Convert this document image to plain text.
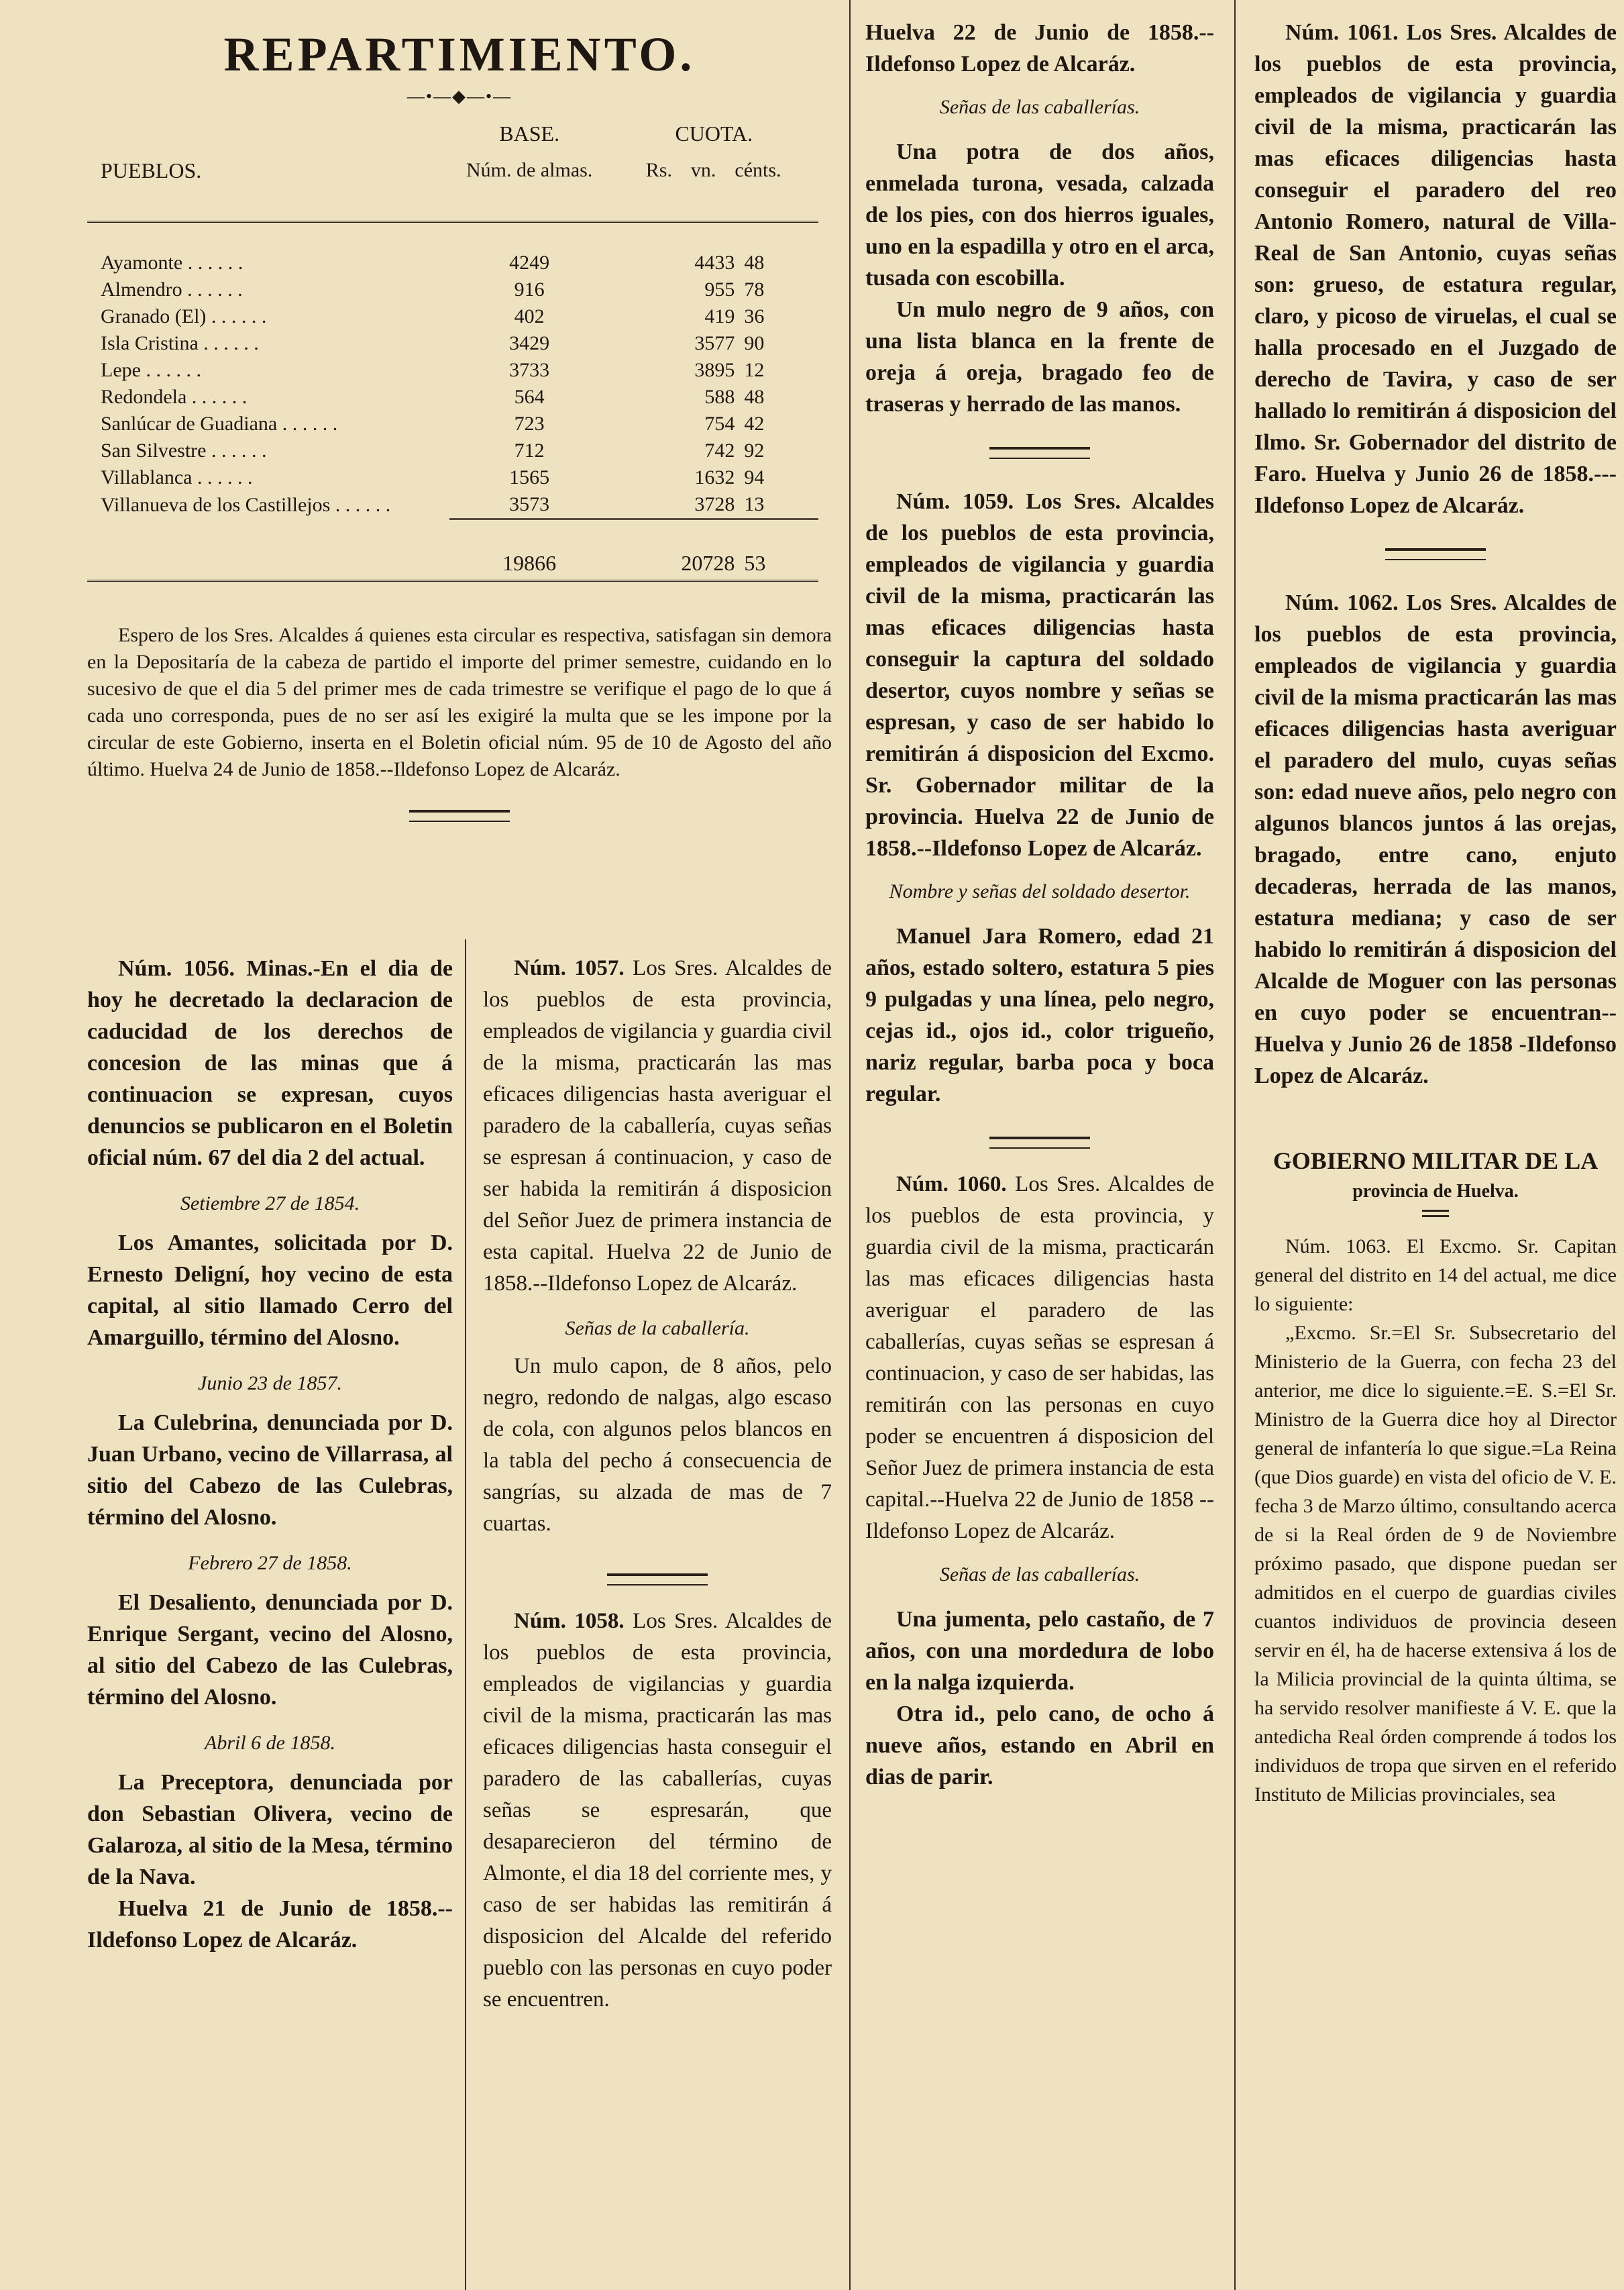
REPARTIMIENTO.
—•—◆—•—
	BASE.	CUOTA.		
PUEBLOS.	Núm. de almas.	Rs.	vn.	cénts.

Ayamonte . . . . . .	4249	4433		48
Almendro . . . . . .	916	955		78
Granado (El) . . . . . .	402	419		36
Isla Cristina . . . . . .	3429	3577		90
Lepe . . . . . .	3733	3895		12
Redondela . . . . . .	564	588		48
Sanlúcar de Guadiana . . . . . .	723	754		42
San Silvestre . . . . . .	712	742		92
Villablanca . . . . . .	1565	1632		94
Villanueva de los Castillejos . . . . . .	3573	3728		13

	19866	20728		53

Espero de los Sres. Alcaldes á quienes esta circular es respectiva, satisfagan sin demora en la Depositaría de la cabeza de partido el importe del primer semestre, cuidando en lo sucesivo de que el dia 5 del primer mes de cada trimestre se verifique el pago de lo que á cada uno corresponda, pues de no ser así les exigiré la multa que se les impone por la circular de este Gobierno, inserta en el Boletin oficial núm. 95 de 10 de Agosto del año último. Huelva 24 de Junio de 1858.--Ildefonso Lopez de Alcaráz.

Núm. 1056. Minas.-En el dia de hoy he decretado la declaracion de caducidad de los derechos de concesion de las minas que á continuacion se expresan, cuyos denuncios se publicaron en el Boletin oficial núm. 67 del dia 2 del actual.

Setiembre 27 de 1854.

Los Amantes, solicitada por D. Ernesto Deligní, hoy vecino de esta capital, al sitio llamado Cerro del Amarguillo, término del Alosno.

Junio 23 de 1857.

La Culebrina, denunciada por D. Juan Urbano, vecino de Villarrasa, al sitio del Cabezo de las Culebras, término del Alosno.

Febrero 27 de 1858.

El Desaliento, denunciada por D. Enrique Sergant, vecino del Alosno, al sitio del Cabezo de las Culebras, término del Alosno.

Abril 6 de 1858.

La Preceptora, denunciada por don Sebastian Olivera, vecino de Galaroza, al sitio de la Mesa, término de la Nava.

Huelva 21 de Junio de 1858.--Ildefonso Lopez de Alcaráz.

Núm. 1057. Los Sres. Alcaldes de los pueblos de esta provincia, empleados de vigilancia y guardia civil de la misma, practicarán las mas eficaces diligencias hasta averiguar el paradero de la caballería, cuyas señas se espresan á continuacion, y caso de ser habida la remitirán á disposicion del Señor Juez de primera instancia de esta capital. Huelva 22 de Junio de 1858.--Ildefonso Lopez de Alcaráz.

Señas de la caballería.

Un mulo capon, de 8 años, pelo negro, redondo de nalgas, algo escaso de cola, con algunos pelos blancos en la tabla del pecho á consecuencia de sangrías, su alzada de mas de 7 cuartas.

Núm. 1058. Los Sres. Alcaldes de los pueblos de esta provincia, empleados de vigilancias y guardia civil de la misma, practicarán las mas eficaces diligencias hasta conseguir el paradero de las caballerías, cuyas señas se espresarán, que desaparecieron del término de Almonte, el dia 18 del corriente mes, y caso de ser habidas las remitirán á disposicion del Alcalde del referido pueblo con las personas en cuyo poder se encuentren.

Huelva 22 de Junio de 1858.--Ildefonso Lopez de Alcaráz.

Señas de las caballerías.

Una potra de dos años, enmelada turona, vesada, calzada de los pies, con dos hierros iguales, uno en la espadilla y otro en el arca, tusada con escobilla.

Un mulo negro de 9 años, con una lista blanca en la frente de oreja á oreja, bragado feo de traseras y herrado de las manos.

Núm. 1059. Los Sres. Alcaldes de los pueblos de esta provincia, empleados de vigilancia y guardia civil de la misma, practicarán las mas eficaces diligencias hasta conseguir la captura del soldado desertor, cuyos nombre y señas se espresan, y caso de ser habido lo remitirán á disposicion del Excmo. Sr. Gobernador militar de la provincia. Huelva 22 de Junio de 1858.--Ildefonso Lopez de Alcaráz.

Nombre y señas del soldado desertor.

Manuel Jara Romero, edad 21 años, estado soltero, estatura 5 pies 9 pulgadas y una línea, pelo negro, cejas id., ojos id., color trigueño, nariz regular, barba poca y boca regular.

Núm. 1060. Los Sres. Alcaldes de los pueblos de esta provincia, y guardia civil de la misma, practicarán las mas eficaces diligencias hasta averiguar el paradero de las caballerías, cuyas señas se espresan á continuacion, y caso de ser habidas, las remitirán con las personas en cuyo poder se encuentren á disposicion del Señor Juez de primera instancia de esta capital.--Huelva 22 de Junio de 1858 --Ildefonso Lopez de Alcaráz.

Señas de las caballerías.

Una jumenta, pelo castaño, de 7 años, con una mordedura de lobo en la nalga izquierda.

Otra id., pelo cano, de ocho á nueve años, estando en Abril en dias de parir.

Núm. 1061. Los Sres. Alcaldes de los pueblos de esta provincia, empleados de vigilancia y guardia civil de la misma, practicarán las mas eficaces diligencias hasta conseguir el paradero del reo Antonio Romero, natural de Villa-Real de San Antonio, cuyas señas son: grueso, de estatura regular, claro, y picoso de viruelas, el cual se halla procesado en el Juzgado de derecho de Tavira, y caso de ser hallado lo remitirán á disposicion del Ilmo. Sr. Gobernador del distrito de Faro. Huelva y Junio 26 de 1858.---Ildefonso Lopez de Alcaráz.

Núm. 1062. Los Sres. Alcaldes de los pueblos de esta provincia, empleados de vigilancia y guardia civil de la misma practicarán las mas eficaces diligencias hasta averiguar el paradero del mulo, cuyas señas son: edad nueve años, pelo negro con algunos blancos juntos á las orejas, bragado, entre cano, enjuto decaderas, herrada de las manos, estatura mediana; y caso de ser habido lo remitirán á disposicion del Alcalde de Moguer con las personas en cuyo poder se encuentran-- Huelva y Junio 26 de 1858 -Ildefonso Lopez de Alcaráz.

GOBIERNO MILITAR DE LA

provincia de Huelva.

Núm. 1063. El Excmo. Sr. Capitan general del distrito en 14 del actual, me dice lo siguiente:

„Excmo. Sr.=El Sr. Subsecretario del Ministerio de la Guerra, con fecha 23 del anterior, me dice lo siguiente.=E. S.=El Sr. Ministro de la Guerra dice hoy al Director general de infantería lo que sigue.=La Reina (que Dios guarde) en vista del oficio de V. E. fecha 3 de Marzo último, consultando acerca de si la Real órden de 9 de Noviembre próximo pasado, que dispone puedan ser admitidos en el cuerpo de guardias civiles cuantos individuos de provincia deseen servir en él, ha de hacerse extensiva á los de la Milicia provincial de la quinta última, se ha servido resolver manifieste á V. E. que la antedicha Real órden comprende á todos los individuos de tropa que sirven en el referido Instituto de Milicias provinciales, sea
